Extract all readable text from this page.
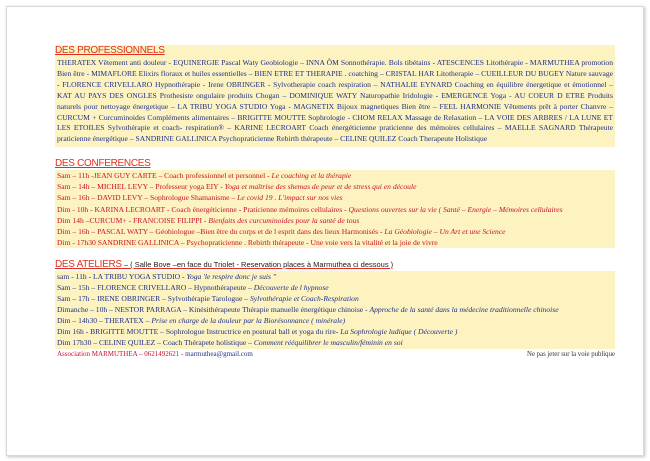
DES PROFESSIONNELS
THERATEX Vêtement anti douleur - EQUINERGIE Pascal Waty Geobiologie – INNA ÔM Sonnothérapie. Bols tibétains - ATESCENCES Litothérapie - MARMUTHEA promotion Bien être - MIMAFLORE Elixirs floraux et huiles essentielles – BIEN ETRE ET THERAPIE . coatching – CRISTAL HAR Litotherapie – CUEILLEUR DU BUGEY Nature sauvage - FLORENCE CRIVELLARO Hypnothérapie - Irene OBRINGER - Sylvotherapie coach respiration – NATHALIE EYNARD Coaching en équilibre énergetique et émotionnel – KAT AU PAYS DES ONGLES Prothesiste ongulaire produits Chogan – DOMINIQUE WATY Naturopathie Iridologie - EMERGENCE Yoga - AU COEUR D ETRE Produits naturels pour nettoyage énergetique – LA TRIBU YOGA STUDIO Yoga - MAGNETIX Bijoux magnetiques Bien être – FEEL HARMONIE Vêtements prêt à porter Chanvre – CURCUM + Curcuminoides Compléments alimentaires – BRIGITTE MOUTTE Sophrologie - CHOM RELAX Massage de Relaxation – LA VOIE DES ARBRES / LA LUNE ET LES ETOILES Sylvothérapie et coach- respiration® – KARINE LECROART Coach énergéticienne praticienne des mémoires cellulaires – MAELLE SAGNARD Thérapeute praticienne énergétique – SANDRINE GALLINICA Psychopraticienne Rebirth thérapeute – CELINE QUILEZ Coach Therapeute Holistique
DES CONFERENCES
Sam – 11h -JEAN GUY CARTE – Coach professionnel et personnel - Le coaching et la thérapie
Sam – 14h – MICHEL LEVY – Professeur yoga EIY - Yoga et maîtrise des shemas de peur et de stress qui en découle
Sam – 16h – DAVID LEVY – Sophrologue Shamanisme – Le covid 19 . L'impact sur nos vies
Dim - 10h - KARINA LECROART - Coach énergéticienne - Praticienne mémoires cellulaires - Questions ouvertes sur la vie ( Santé – Energie – Mémoires cellulaires
Dim 14h –CURCUM+ - FRANCOISE FILIPPI - Bienfaits des curcuminoides pour la santé de tous
Dim – 16h – PASCAL WATY – Géobiologue –Bien être du corps et de l esprit dans des lieux Harmonisés - La Géobiologie – Un Art et une Science
Dim - 17h30 SANDRINE GALLINICA – Psychopraticienne . Rebirth thérapeute - Une voie vers la vitalité et la joie de vivre
DES ATELIERS – ( Salle Bove –en face du Triolet - Reservation places à Marmuthea ci dessous )
sam - 11h - LA TRIBU YOGA STUDIO - Yoga 'le respire donc je suis "
Sam – 15h – FLORENCE CRIVELLARO – Hypnothérapeute – Découverte de l hypnose
Sam – 17h – IRENE OBRINGER – Sylvothérapie Tarologue – Sylvothérapie et Coach-Respiration
Dimanche – 10h – NESTOR PARRAGA – Kinésithérapeute Thérapie manuelle énergétique chinoise - Approche de la santé dans la médecine traditionnelle chinoise
Dim – 14h30 – THERATEX – Prise en charge de la douleur par la Biorésonnance ( minérale)
Dim 16h - BRIGITTE MOUTTE – Sophrologue Instructrice en postural ball et yoga du rire- La Sophrologie ludique ( Découverte )
Dim 17h30 – CELINE QUILEZ – Coach Thérapete holistique – Comment rééquilibrer le masculin/féminin en soi
Association MARMUTHEA – 0621492621 - marmuthea@gmail.com	Ne pas jeter sur la voie publique
